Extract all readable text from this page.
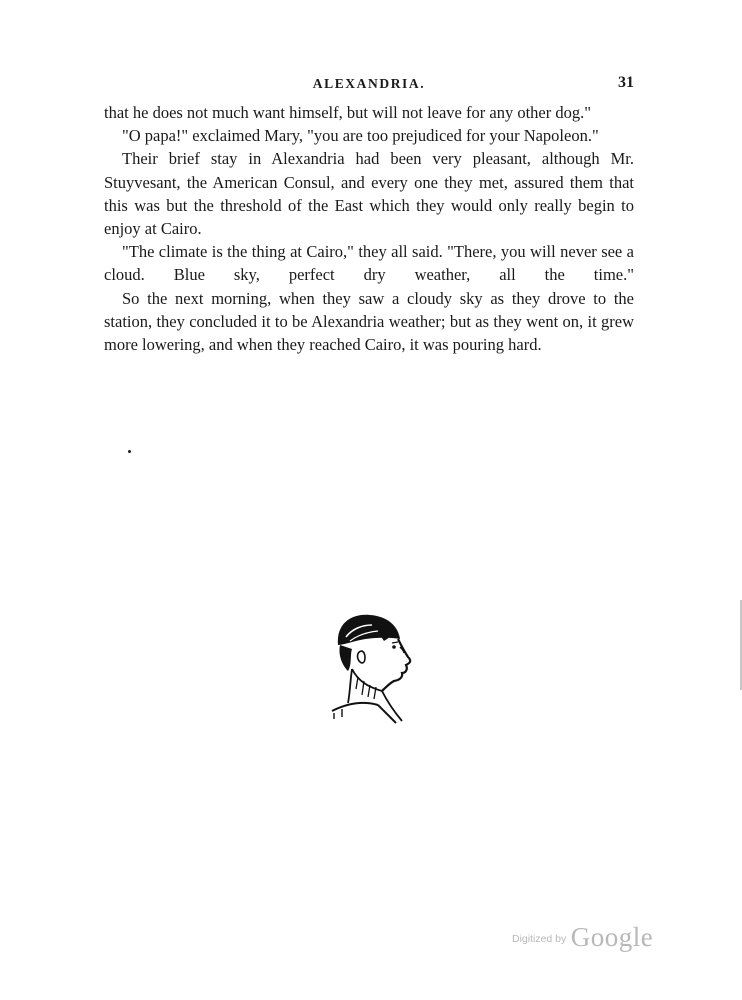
ALEXANDRIA.	31

that he does not much want himself, but will not leave for any other dog."

"O papa!" exclaimed Mary, "you are too prejudiced for your Napoleon."

Their brief stay in Alexandria had been very pleasant, although Mr. Stuyvesant, the American Consul, and every one they met, assured them that this was but the threshold of the East which they would only really begin to enjoy at Cairo.

"The climate is the thing at Cairo," they all said. "There, you will never see a cloud. Blue sky, perfect dry weather, all the time."

So the next morning, when they saw a cloudy sky as they drove to the station, they concluded it to be Alexandria weather; but as they went on, it grew more lowering, and when they reached Cairo, it was pouring hard.

$^{Digitized by}$ Google
